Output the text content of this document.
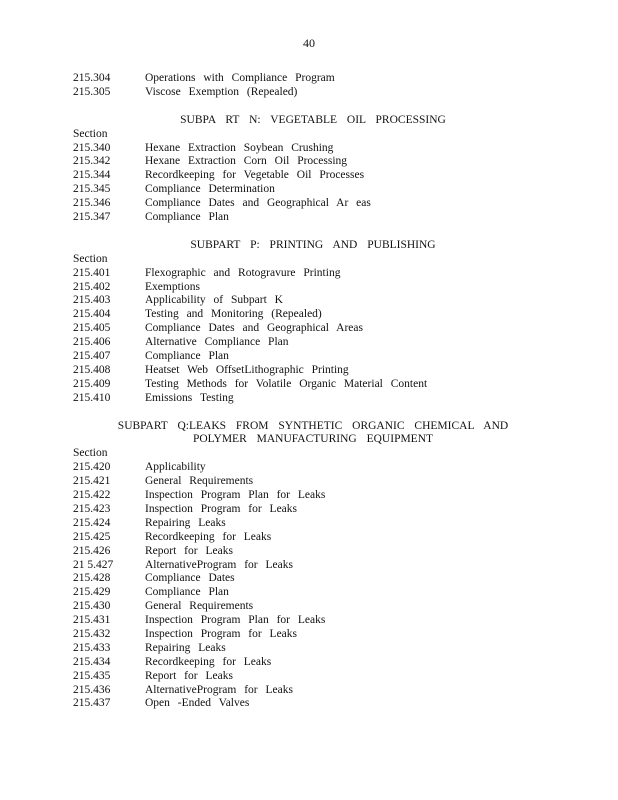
40
215.304	Operations with Compliance Program
215.305	Viscose Exemption (Repealed)
SUBPA RT N: VEGETABLE OIL PROCESSING
Section
215.340	Hexane Extraction Soybean Crushing
215.342	Hexane Extraction Corn Oil Processing
215.344	Recordkeeping for Vegetable Oil Processes
215.345	Compliance Determination
215.346	Compliance Dates and Geographical Ar eas
215.347	Compliance Plan
SUBPART P: PRINTING AND PUBLISHING
Section
215.401	Flexographic and Rotogravure Printing
215.402	Exemptions
215.403	Applicability of Subpart K
215.404	Testing and Monitoring (Repealed)
215.405	Compliance Dates and Geographical Areas
215.406	Alternative Compliance Plan
215.407	Compliance Plan
215.408	Heatset Web OffsetLithographic Printing
215.409	Testing Methods for Volatile Organic Material Content
215.410	Emissions Testing
SUBPART Q:LEAKS FROM SYNTHETIC ORGANIC CHEMICAL AND
POLYMER MANUFACTURING EQUIPMENT
Section
215.420	Applicability
215.421	General Requirements
215.422	Inspection Program Plan for Leaks
215.423	Inspection Program for Leaks
215.424	Repairing Leaks
215.425	Recordkeeping for Leaks
215.426	Report for Leaks
21 5.427	AlternativeProgram for Leaks
215.428	Compliance Dates
215.429	Compliance Plan
215.430	General Requirements
215.431	Inspection Program Plan for Leaks
215.432	Inspection Program for Leaks
215.433	Repairing Leaks
215.434	Recordkeeping for Leaks
215.435	Report for Leaks
215.436	AlternativeProgram for Leaks
215.437	Open -Ended Valves
